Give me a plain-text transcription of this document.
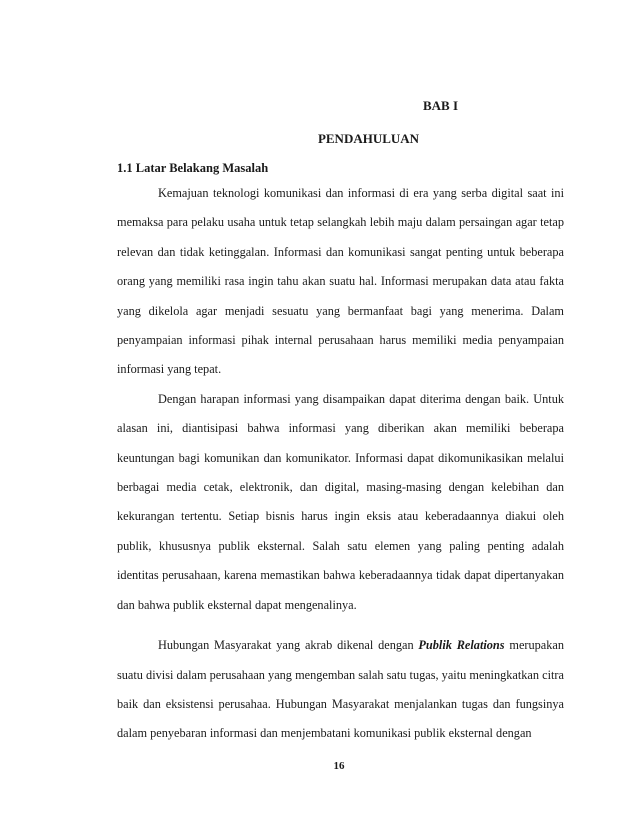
BAB I
PENDAHULUAN
1.1 Latar Belakang Masalah

Kemajuan teknologi komunikasi dan informasi di era yang serba digital saat ini memaksa para pelaku usaha untuk tetap selangkah lebih maju dalam persaingan agar tetap relevan dan tidak ketinggalan. Informasi dan komunikasi sangat penting untuk beberapa orang yang memiliki rasa ingin tahu akan suatu hal. Informasi merupakan data atau fakta yang dikelola agar menjadi sesuatu yang bermanfaat bagi yang menerima. Dalam penyampaian informasi pihak internal perusahaan harus memiliki media penyampaian informasi yang tepat.

Dengan harapan informasi yang disampaikan dapat diterima dengan baik. Untuk alasan ini, diantisipasi bahwa informasi yang diberikan akan memiliki beberapa keuntungan bagi komunikan dan komunikator. Informasi dapat dikomunikasikan melalui berbagai media cetak, elektronik, dan digital, masing-masing dengan kelebihan dan kekurangan tertentu. Setiap bisnis harus ingin eksis atau keberadaannya diakui oleh publik, khususnya publik eksternal. Salah satu elemen yang paling penting adalah identitas perusahaan, karena memastikan bahwa keberadaannya tidak dapat dipertanyakan dan bahwa publik eksternal dapat mengenalinya.

Hubungan Masyarakat yang akrab dikenal dengan Publik Relations merupakan suatu divisi dalam perusahaan yang mengemban salah satu tugas, yaitu meningkatkan citra baik dan eksistensi perusahaa. Hubungan Masyarakat menjalankan tugas dan fungsinya dalam penyebaran informasi dan menjembatani komunikasi publik eksternal dengan

16
